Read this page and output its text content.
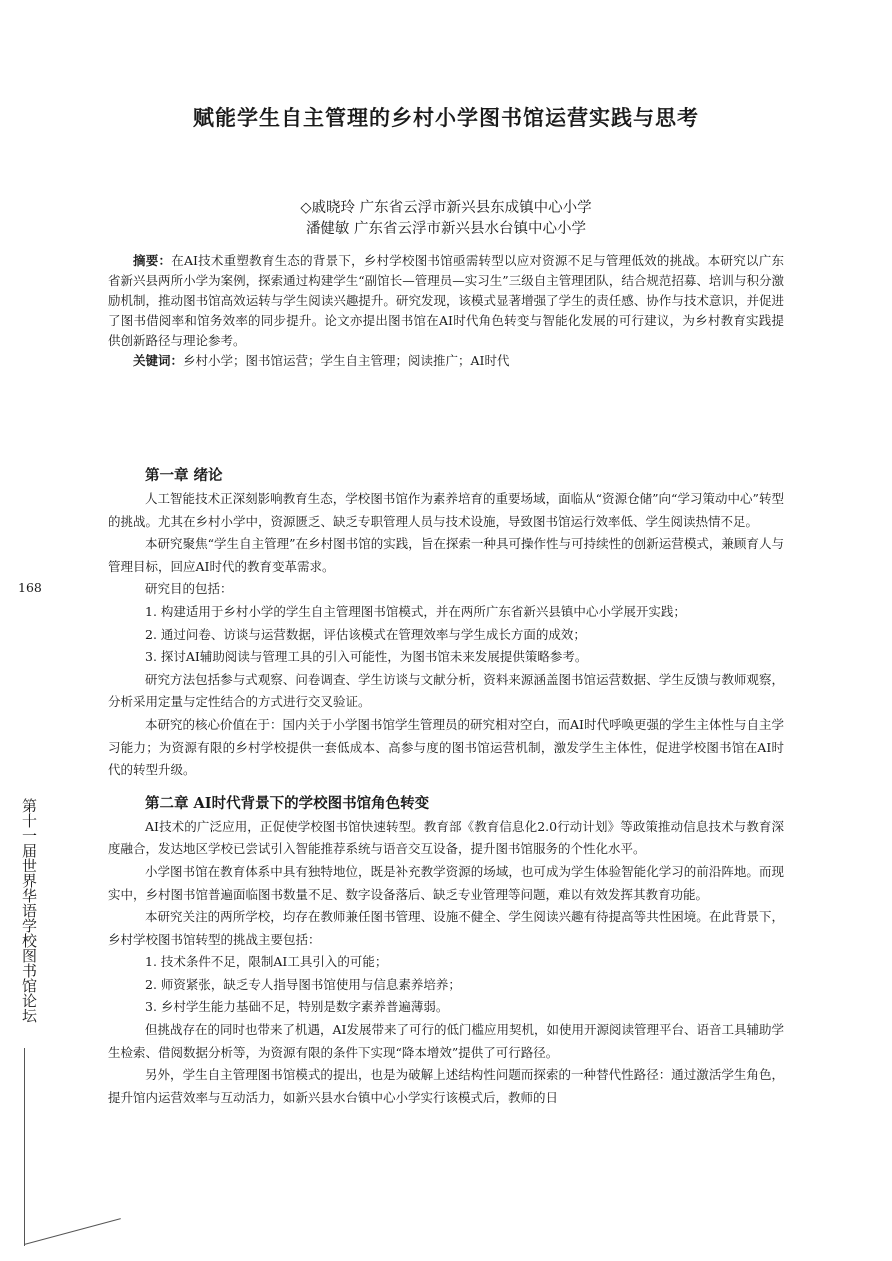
赋能学生自主管理的乡村小学图书馆运营实践与思考
◇戚晓玲 广东省云浮市新兴县东成镇中心小学
潘健敏 广东省云浮市新兴县水台镇中心小学

摘要：在AI技术重塑教育生态的背景下，乡村学校图书馆亟需转型以应对资源不足与管理低效的挑战。本研究以广东省新兴县两所小学为案例，探索通过构建学生“副馆长—管理员—实习生”三级自主管理团队，结合规范招募、培训与积分激励机制，推动图书馆高效运转与学生阅读兴趣提升。研究发现，该模式显著增强了学生的责任感、协作与技术意识，并促进了图书借阅率和馆务效率的同步提升。论文亦提出图书馆在AI时代角色转变与智能化发展的可行建议，为乡村教育实践提供创新路径与理论参考。

关键词：乡村小学；图书馆运营；学生自主管理；阅读推广；AI时代

第一章 绪论

人工智能技术正深刻影响教育生态，学校图书馆作为素养培育的重要场域，面临从“资源仓储”向“学习策动中心”转型的挑战。尤其在乡村小学中，资源匮乏、缺乏专职管理人员与技术设施，导致图书馆运行效率低、学生阅读热情不足。

本研究聚焦“学生自主管理”在乡村图书馆的实践，旨在探索一种具可操作性与可持续性的创新运营模式，兼顾育人与管理目标，回应AI时代的教育变革需求。

研究目的包括：

1. 构建适用于乡村小学的学生自主管理图书馆模式，并在两所广东省新兴县镇中心小学展开实践；

2. 通过问卷、访谈与运营数据，评估该模式在管理效率与学生成长方面的成效；

3. 探讨AI辅助阅读与管理工具的引入可能性，为图书馆未来发展提供策略参考。

研究方法包括参与式观察、问卷调查、学生访谈与文献分析，资料来源涵盖图书馆运营数据、学生反馈与教师观察，分析采用定量与定性结合的方式进行交叉验证。

本研究的核心价值在于：国内关于小学图书馆学生管理员的研究相对空白，而AI时代呼唤更强的学生主体性与自主学习能力；为资源有限的乡村学校提供一套低成本、高参与度的图书馆运营机制，激发学生主体性，促进学校图书馆在AI时代的转型升级。

第二章 AI时代背景下的学校图书馆角色转变

AI技术的广泛应用，正促使学校图书馆快速转型。教育部《教育信息化2.0行动计划》等政策推动信息技术与教育深度融合，发达地区学校已尝试引入智能推荐系统与语音交互设备，提升图书馆服务的个性化水平。

小学图书馆在教育体系中具有独特地位，既是补充教学资源的场域，也可成为学生体验智能化学习的前沿阵地。而现实中，乡村图书馆普遍面临图书数量不足、数字设备落后、缺乏专业管理等问题，难以有效发挥其教育功能。

本研究关注的两所学校，均存在教师兼任图书管理、设施不健全、学生阅读兴趣有待提高等共性困境。在此背景下，乡村学校图书馆转型的挑战主要包括：

1. 技术条件不足，限制AI工具引入的可能；

2. 师资紧张，缺乏专人指导图书馆使用与信息素养培养；

3. 乡村学生能力基础不足，特别是数字素养普遍薄弱。

但挑战存在的同时也带来了机遇，AI发展带来了可行的低门槛应用契机，如使用开源阅读管理平台、语音工具辅助学生检索、借阅数据分析等，为资源有限的条件下实现“降本增效”提供了可行路径。

另外，学生自主管理图书馆模式的提出，也是为破解上述结构性问题而探索的一种替代性路径：通过激活学生角色，提升馆内运营效率与互动活力，如新兴县水台镇中心小学实行该模式后，教师的日

168
第十一届世界华语学校图书馆论坛
